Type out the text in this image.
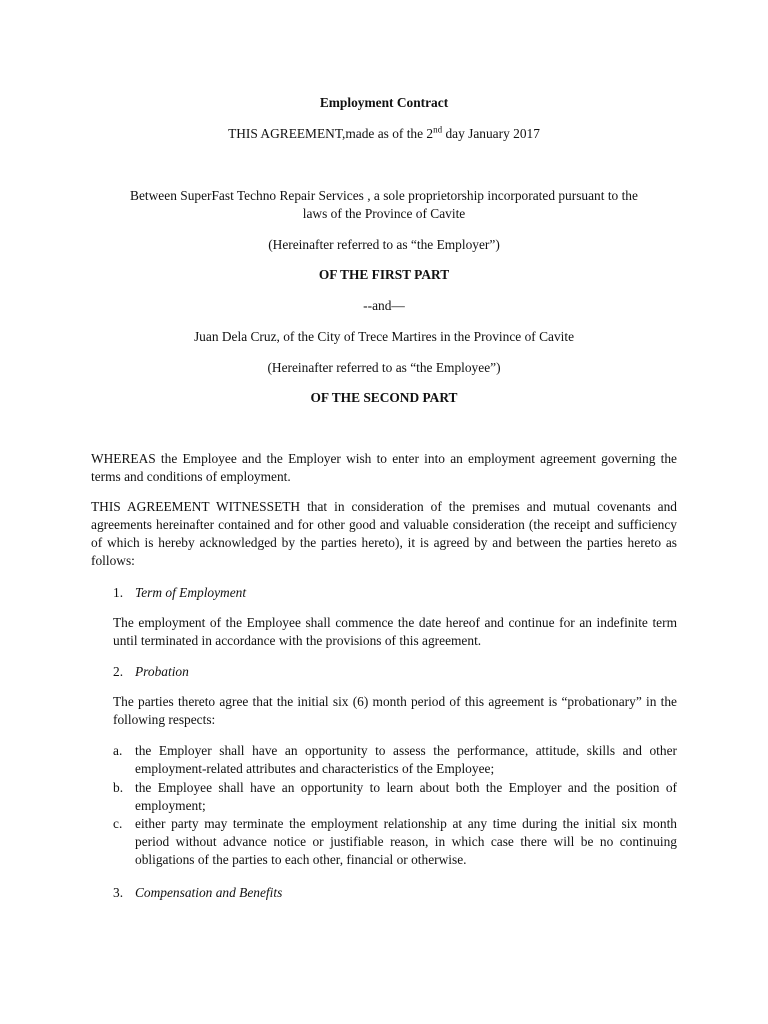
Employment Contract
THIS AGREEMENT,made as of the 2nd day January 2017
Between SuperFast Techno Repair Services , a sole proprietorship incorporated pursuant to the
laws of the Province of Cavite
(Hereinafter referred to as “the Employer”)
OF THE FIRST PART
--and—
Juan Dela Cruz, of the City of Trece Martires in the Province of Cavite
(Hereinafter referred to as “the Employee”)
OF THE SECOND PART
WHEREAS the Employee and the Employer wish to enter into an employment agreement governing the terms and conditions of employment.
THIS AGREEMENT WITNESSETH that in consideration of the premises and mutual covenants and agreements hereinafter contained and for other good and valuable consideration (the receipt and sufficiency of which is hereby acknowledged by the parties hereto), it is agreed by and between the parties hereto as follows:
1. Term of Employment
The employment of the Employee shall commence the date hereof and continue for an indefinite term until terminated in accordance with the provisions of this agreement.
2. Probation
The parties thereto agree that the initial six (6) month period of this agreement is “probationary” in the following respects:
a. the Employer shall have an opportunity to assess the performance, attitude, skills and other employment-related attributes and characteristics of the Employee;
b. the Employee shall have an opportunity to learn about both the Employer and the position of employment;
c. either party may terminate the employment relationship at any time during the initial six month period without advance notice or justifiable reason, in which case there will be no continuing obligations of the parties to each other, financial or otherwise.
3. Compensation and Benefits
